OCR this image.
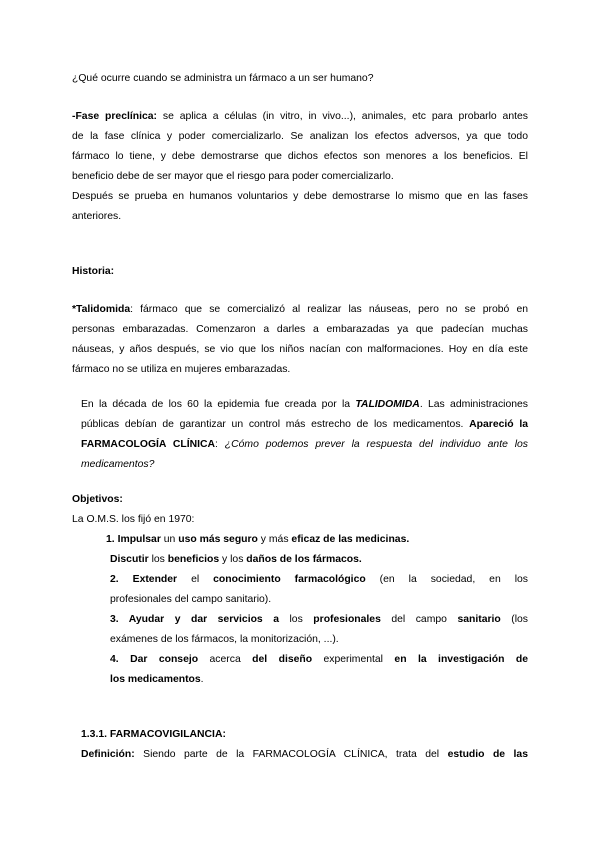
¿Qué ocurre cuando se administra un fármaco a un ser humano?
-Fase preclínica: se aplica a células (in vitro, in vivo...), animales, etc para probarlo antes
de la fase clínica y poder comercializarlo. Se analizan los efectos adversos, ya que todo
fármaco lo tiene, y debe demostrarse que dichos efectos son menores a los beneficios. El
beneficio debe de ser mayor que el riesgo para poder comercializarlo.
Después se prueba en humanos voluntarios y debe demostrarse lo mismo que en las fases
anteriores.
Historia:
*Talidomida: fármaco que se comercializó al realizar las náuseas, pero no se probó en
personas embarazadas. Comenzaron a darles a embarazadas ya que padecían muchas
náuseas, y años después, se vio que los niños nacían con malformaciones. Hoy en día este
fármaco no se utiliza en mujeres embarazadas.
En la década de los 60 la epidemia fue creada por la TALIDOMIDA. Las administraciones
públicas debían de garantizar un control más estrecho de los medicamentos. Apareció la
FARMACOLOGÍA CLÍNICA: ¿Cómo podemos prever la respuesta del individuo ante los
medicamentos?
Objetivos:
La O.M.S. los fijó en 1970:
1. Impulsar un uso más seguro y más eficaz de las medicinas.
Discutir los beneficios y los daños de los fármacos.
2. Extender el conocimiento farmacológico (en la sociedad, en los
profesionales del campo sanitario).
3. Ayudar y dar servicios a los profesionales del campo sanitario (los
exámenes de los fármacos, la monitorización, ...).
4. Dar consejo acerca del diseño experimental en la investigación de
los medicamentos.
1.3.1. FARMACOVIGILANCIA:
Definición: Siendo parte de la FARMACOLOGÍA CLÍNICA, trata del estudio de las
